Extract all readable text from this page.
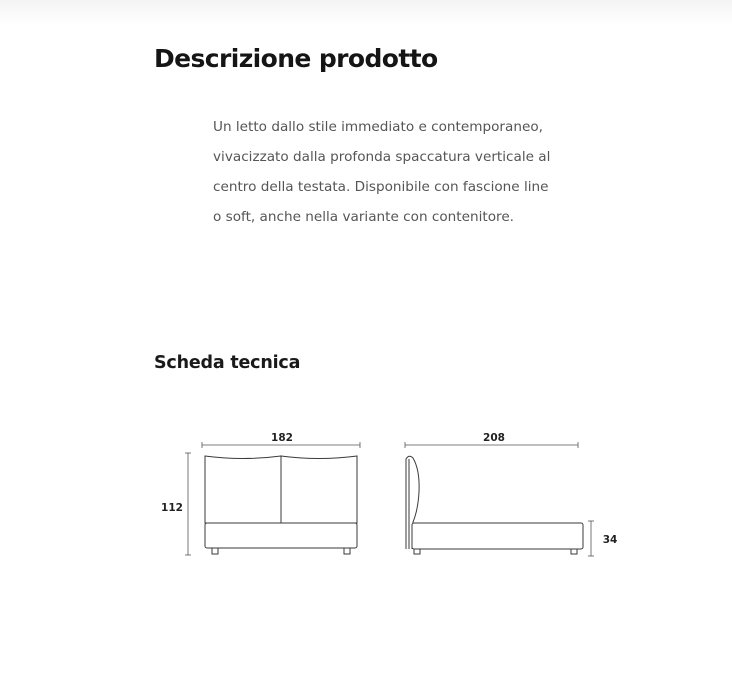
Descrizione prodotto

Un letto dallo stile immediato e contemporaneo, vivacizzato dalla profonda spaccatura verticale al centro della testata. Disponibile con fascione line o soft, anche nella variante con contenitore.

Scheda tecnica
182
112
208
34
